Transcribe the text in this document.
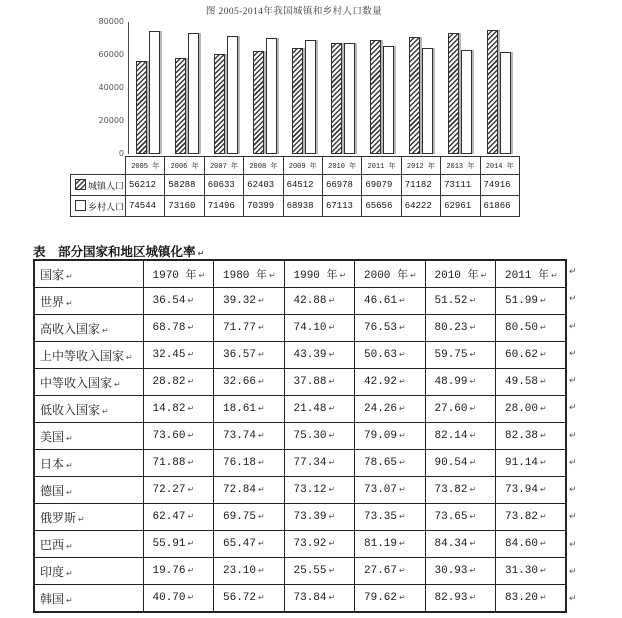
图 2005-2014年我国城镇和乡村人口数量
80000
60000
40000
20000
0
	2005 年	2006 年	2007 年	2008 年	2009 年	2010 年	2011 年	2012 年	2013 年	2014 年
城镇人口	56212	58288	60633	62403	64512	66978	69079	71182	73111	74916
乡村人口	74544	73160	71496	70399	68938	67113	65656	64222	62961	61866
表　部分国家和地区城镇化率 ↵
国家 ↵	1970 年 ↵	1980 年 ↵	1990 年 ↵	2000 年 ↵	2010 年 ↵	2011 年 ↵
世界 ↵	36.54 ↵	39.32 ↵	42.88 ↵	46.61 ↵	51.52 ↵	51.99 ↵
高收入国家 ↵	68.78 ↵	71.77 ↵	74.10 ↵	76.53 ↵	80.23 ↵	80.50 ↵
上中等收入国家 ↵	32.45 ↵	36.57 ↵	43.39 ↵	50.63 ↵	59.75 ↵	60.62 ↵
中等收入国家 ↵	28.82 ↵	32.66 ↵	37.88 ↵	42.92 ↵	48.99 ↵	49.58 ↵
低收入国家 ↵	14.82 ↵	18.61 ↵	21.48 ↵	24.26 ↵	27.60 ↵	28.00 ↵
美国 ↵	73.60 ↵	73.74 ↵	75.30 ↵	79.09 ↵	82.14 ↵	82.38 ↵
日本 ↵	71.88 ↵	76.18 ↵	77.34 ↵	78.65 ↵	90.54 ↵	91.14 ↵
德国 ↵	72.27 ↵	72.84 ↵	73.12 ↵	73.07 ↵	73.82 ↵	73.94 ↵
俄罗斯 ↵	62.47 ↵	69.75 ↵	73.39 ↵	73.35 ↵	73.65 ↵	73.82 ↵
巴西 ↵	55.91 ↵	65.47 ↵	73.92 ↵	81.19 ↵	84.34 ↵	84.60 ↵
印度 ↵	19.76 ↵	23.10 ↵	25.55 ↵	27.67 ↵	30.93 ↵	31.30 ↵
韩国 ↵	40.70 ↵	56.72 ↵	73.84 ↵	79.62 ↵	82.93 ↵	83.20 ↵
↵
↵
↵
↵
↵
↵
↵
↵
↵
↵
↵
↵
↵
